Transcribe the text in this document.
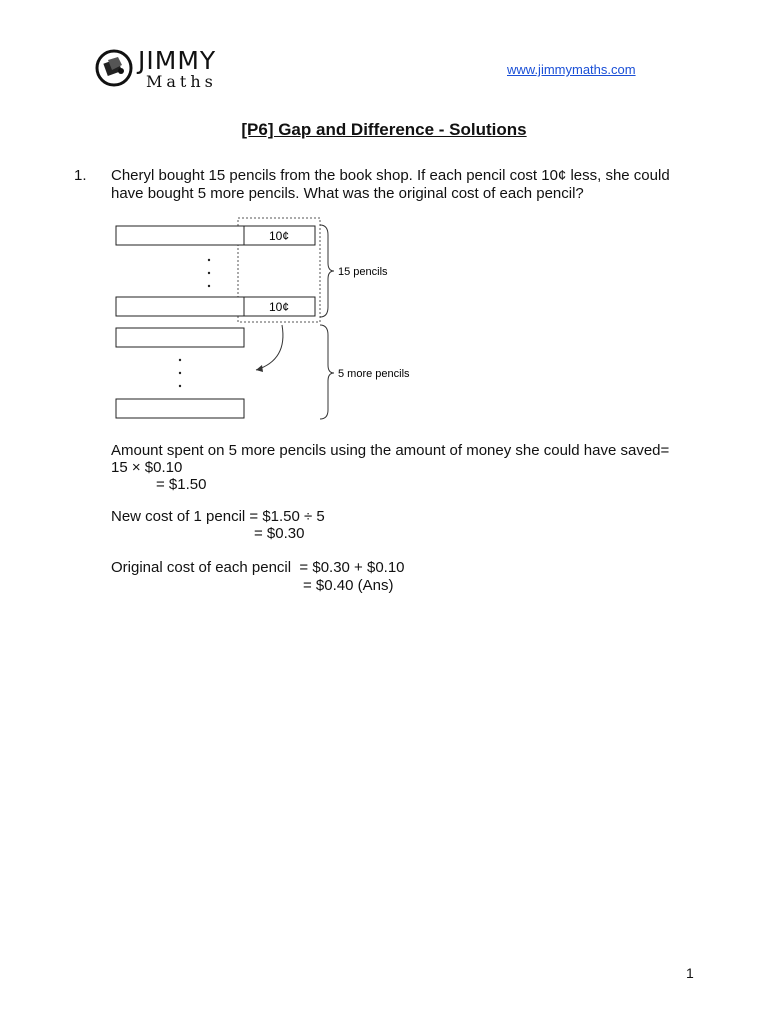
JIMMY
Maths
www.jimmymaths.com
[P6] Gap and Difference - Solutions
1. Cheryl bought 15 pencils from the book shop. If each pencil cost 10¢ less, she could have bought 5 more pencils. What was the original cost of each pencil?
10¢
10¢
15 pencils
5 more pencils
Amount spent on 5 more pencils using the amount of money she could have saved=
15 × $0.10
= $1.50
New cost of 1 pencil = $1.50 ÷ 5
= $0.30
Original cost of each pencil  = $0.30 + $0.10
= $0.40 (Ans)
1
